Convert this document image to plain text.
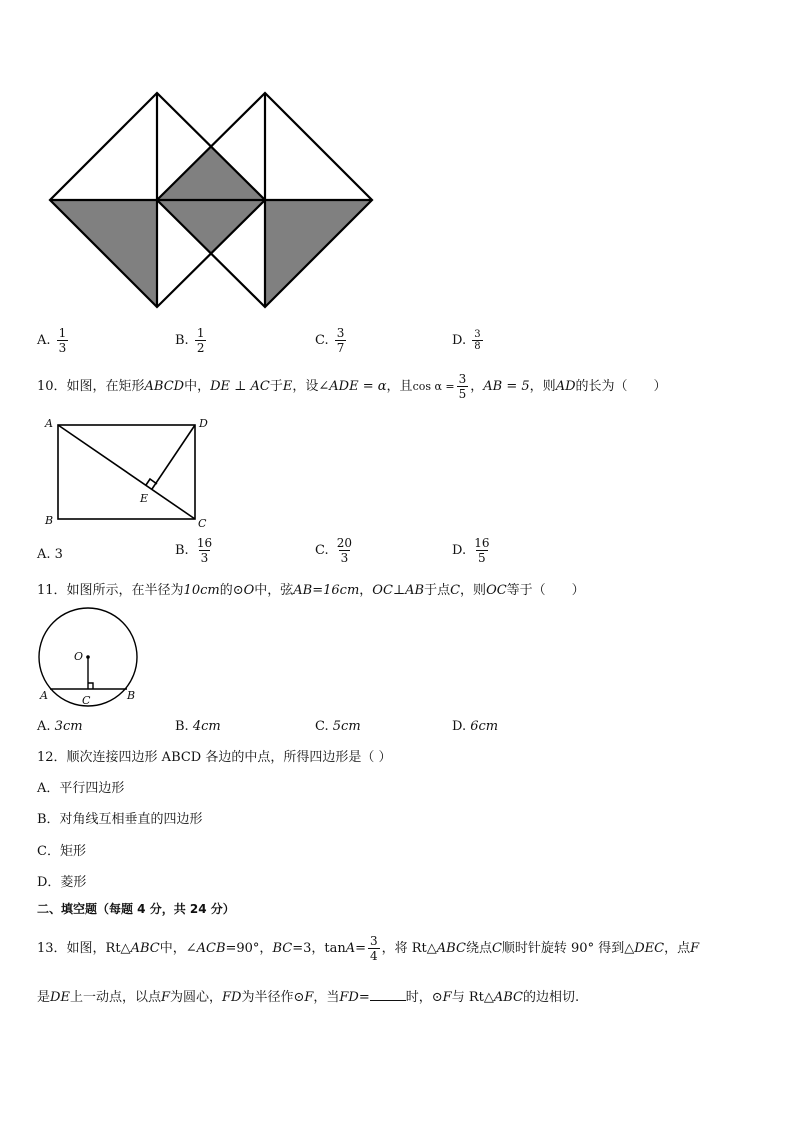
A. $\frac{1}{3}$	B. $\frac{1}{2}$	C. $\frac{3}{7}$	D. $\frac{3}{8}$
10．如图，在矩形ABCD中，DE ⊥ AC于E，设∠ADE = α，且$\cos \alpha = \frac{3}{5}$ ，AB = 5，则AD的长为（　　）
A	D
B	C
E
A. 3	B. $\frac{16}{3}$	C. $\frac{20}{3}$	D. $\frac{16}{5}$
11．如图所示，在半径为10cm的⊙O中，弦AB=16cm，OC⊥AB于点C，则OC等于（　　）
O
A	B
C
A. 3cm	B. 4cm	C. 5cm	D. 6cm
12．顺次连接四边形 ABCD 各边的中点，所得四边形是（ ）
A．平行四边形
B．对角线互相垂直的四边形
C．矩形
D．菱形
二、填空题（每题 4 分，共 24 分）
13．如图，Rt△ABC中，∠ACB=90°，BC=3，$\tan A= \frac{3}{4}$ ，将 Rt△ABC绕点C顺时针旋转 90° 得到△DEC，点F
是DE上一动点，以点F为圆心，FD为半径作⊙F，当FD=	时，⊙F与 Rt△ABC的边相切.
